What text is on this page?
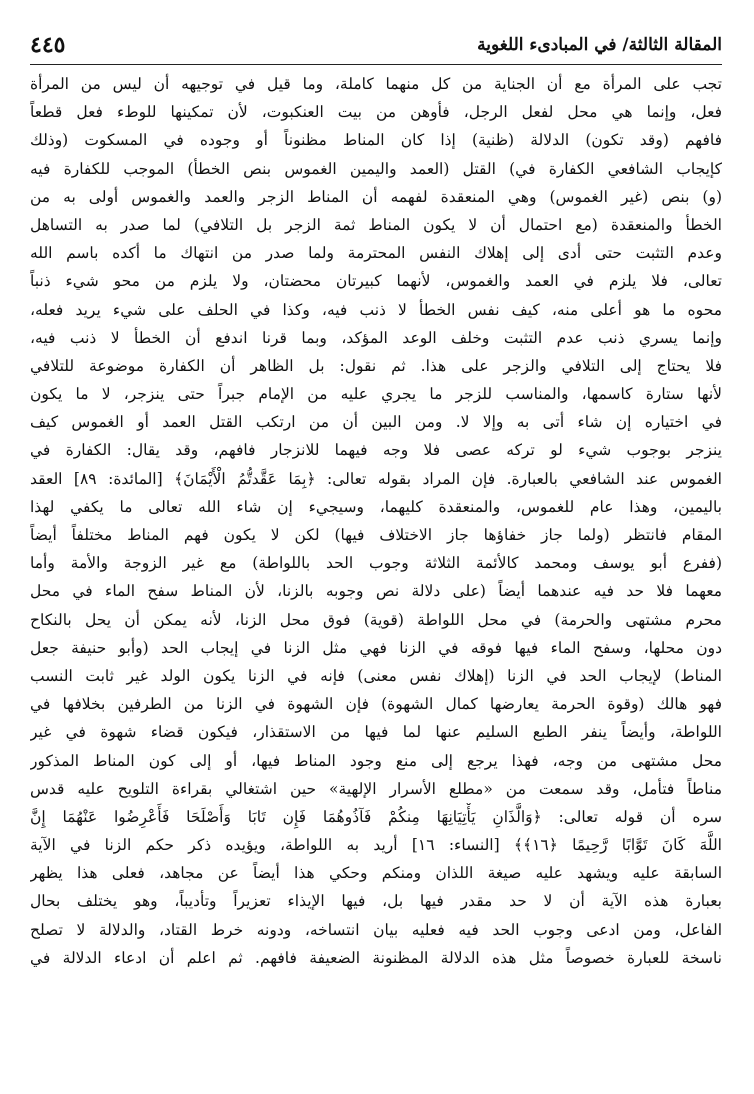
٤٤٥	المقالة الثالثة/ في المبادىء اللغوية
تجب على المرأة مع أن الجناية من كل منهما كاملة، وما قيل في توجيهه أن ليس من المرأة
فعل، وإنما هي محل لفعل الرجل، فأوهن من بيت العنكبوت، لأن تمكينها للوطء فعل قطعاً
فافهم (وقد تكون) الدلالة (ظنية) إذا كان المناط مظنوناً أو وجوده في المسكوت (وذلك
كإيجاب الشافعي الكفارة في) القتل (العمد واليمين الغموس بنص الخطأ) الموجب للكفارة فيه
(و) بنص (غير الغموس) وهي المنعقدة لفهمه أن المناط الزجر والعمد والغموس أولى به من
الخطأ والمنعقدة (مع احتمال أن لا يكون المناط ثمة الزجر بل التلافي) لما صدر به التساهل
وعدم التثبت حتى أدى إلى إهلاك النفس المحترمة ولما صدر من انتهاك ما أكده باسم الله
تعالى، فلا يلزم في العمد والغموس، لأنهما كبيرتان محضتان، ولا يلزم من محو شيء ذنباً
محوه ما هو أعلى منه، كيف نفس الخطأ لا ذنب فيه، وكذا في الحلف على شيء يريد فعله،
وإنما يسري ذنب عدم التثبت وخلف الوعد المؤكد، وبما قرنا اندفع أن الخطأ لا ذنب فيه،
فلا يحتاج إلى التلافي والزجر على هذا. ثم نقول: بل الظاهر أن الكفارة موضوعة للتلافي
لأنها ستارة كاسمها، والمناسب للزجر ما يجري عليه من الإمام جبراً حتى ينزجر، لا ما يكون
في اختياره إن شاء أتى به وإلا لا. ومن البين أن من ارتكب القتل العمد أو الغموس كيف
ينزجر بوجوب شيء لو تركه عصى فلا وجه فيهما للانزجار فافهم، وقد يقال: الكفارة في
الغموس عند الشافعي بالعبارة. فإن المراد بقوله تعالى: ﴿بِمَا عَقَّدتُّمُ الْأَيْمَانَ﴾ [المائدة: ٨٩] العقد
باليمين، وهذا عام للغموس، والمنعقدة كليهما، وسيجيء إن شاء الله تعالى ما يكفي لهذا
المقام فانتظر (ولما جاز خفاؤها جاز الاختلاف فيها) لكن لا يكون فهم المناط مختلفاً أيضاً
(ففرع أبو يوسف ومحمد كالأئمة الثلاثة وجوب الحد باللواطة) مع غير الزوجة والأمة وأما
معهما فلا حد فيه عندهما أيضاً (على دلالة نص وجوبه بالزنا، لأن المناط سفح الماء في محل
محرم مشتهى والحرمة) في محل اللواطة (قوية) فوق محل الزنا، لأنه يمكن أن يحل بالنكاح
دون محلها، وسفح الماء فيها فوقه في الزنا فهي مثل الزنا في إيجاب الحد (وأبو حنيفة جعل
المناط) لإيجاب الحد في الزنا (إهلاك نفس معنى) فإنه في الزنا يكون الولد غير ثابت النسب
فهو هالك (وقوة الحرمة يعارضها كمال الشهوة) فإن الشهوة في الزنا من الطرفين بخلافها في
اللواطة، وأيضاً ينفر الطبع السليم عنها لما فيها من الاستقذار، فيكون قضاء شهوة في غير
محل مشتهى من وجه، فهذا يرجع إلى منع وجود المناط فيها، أو إلى كون المناط المذكور
مناطاً فتأمل، وقد سمعت من «مطلع الأسرار الإلهية» حين اشتغالي بقراءة التلويح عليه قدس
سره أن قوله تعالى: ﴿وَالَّذَانِ يَأْتِيَانِهَا مِنكُمْ فَآذُوهُمَا فَإِن تَابَا وَأَصْلَحَا فَأَعْرِضُوا عَنْهُمَا إِنَّ
اللَّهَ كَانَ تَوَّابًا رَّحِيمًا ﴿١٦﴾﴾ [النساء: ١٦] أريد به اللواطة، ويؤيده ذكر حكم الزنا في الآية
السابقة عليه ويشهد عليه صيغة اللذان ومنكم وحكي هذا أيضاً عن مجاهد، فعلى هذا يظهر
بعبارة هذه الآية أن لا حد مقدر فيها بل، فيها الإيذاء تعزيراً وتأديباً، وهو يختلف بحال
الفاعل، ومن ادعى وجوب الحد فيه فعليه بيان انتساخه، ودونه خرط القتاد، والدلالة لا تصلح
ناسخة للعبارة خصوصاً مثل هذه الدلالة المظنونة الضعيفة فافهم. ثم اعلم أن ادعاء الدلالة في
